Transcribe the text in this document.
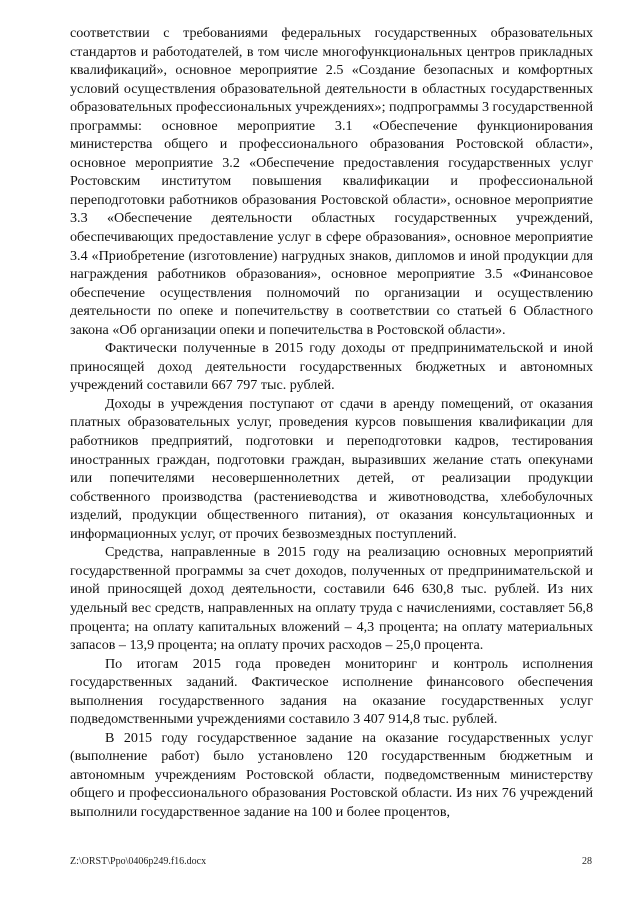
соответствии с требованиями федеральных государственных образовательных стандартов и работодателей, в том числе многофункциональных центров прикладных квалификаций», основное мероприятие 2.5 «Создание безопасных и комфортных условий осуществления образовательной деятельности в областных государственных образовательных профессиональных учреждениях»; подпрограммы 3 государственной программы: основное мероприятие 3.1 «Обеспечение функционирования министерства общего и профессионального образования Ростовской области», основное мероприятие 3.2 «Обеспечение предоставления государственных услуг Ростовским институтом повышения квалификации и профессиональной переподготовки работников образования Ростовской области», основное мероприятие 3.3 «Обеспечение деятельности областных государственных учреждений, обеспечивающих предоставление услуг в сфере образования», основное мероприятие 3.4 «Приобретение (изготовление) нагрудных знаков, дипломов и иной продукции для награждения работников образования», основное мероприятие 3.5 «Финансовое обеспечение осуществления полномочий по организации и осуществлению деятельности по опеке и попечительству в соответствии со статьей 6 Областного закона «Об организации опеки и попечительства в Ростовской области».

Фактически полученные в 2015 году доходы от предпринимательской и иной приносящей доход деятельности государственных бюджетных и автономных учреждений составили 667 797 тыс. рублей.

Доходы в учреждения поступают от сдачи в аренду помещений, от оказания платных образовательных услуг, проведения курсов повышения квалификации для работников предприятий, подготовки и переподготовки кадров, тестирования иностранных граждан, подготовки граждан, выразивших желание стать опекунами или попечителями несовершеннолетних детей, от реализации продукции собственного производства (растениеводства и животноводства, хлебобулочных изделий, продукции общественного питания), от оказания консультационных и информационных услуг, от прочих безвозмездных поступлений.

Средства, направленные в 2015 году на реализацию основных мероприятий государственной программы за счет доходов, полученных от предпринимательской и иной приносящей доход деятельности, составили 646 630,8 тыс. рублей. Из них удельный вес средств, направленных на оплату труда с начислениями, составляет 56,8 процента; на оплату капитальных вложений – 4,3 процента; на оплату материальных запасов – 13,9 процента; на оплату прочих расходов – 25,0 процента.

По итогам 2015 года проведен мониторинг и контроль исполнения государственных заданий. Фактическое исполнение финансового обеспечения выполнения государственного задания на оказание государственных услуг подведомственными учреждениями составило 3 407 914,8 тыс. рублей.

В 2015 году государственное задание на оказание государственных услуг (выполнение работ) было установлено 120 государственным бюджетным и автономным учреждениям Ростовской области, подведомственным министерству общего и профессионального образования Ростовской области. Из них 76 учреждений выполнили государственное задание на 100 и более процентов,

Z:\ORST\Ppo\0406p249.f16.docx	28
